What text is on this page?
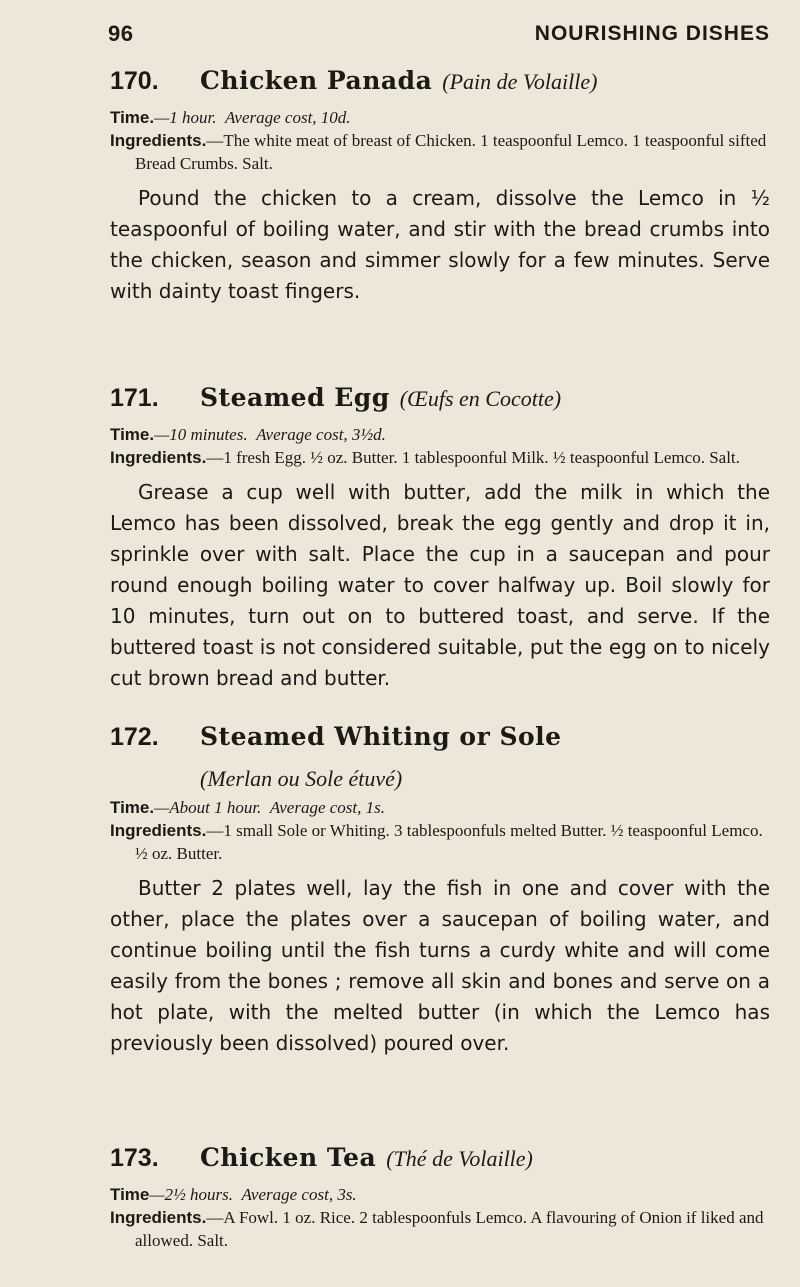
96	NOURISHING DISHES
170.	Chicken Panada (Pain de Volaille)
Time.—1 hour. Average cost, 10d.
Ingredients.—The white meat of breast of Chicken. 1 teaspoonful Lemco. 1 teaspoonful sifted Bread Crumbs. Salt.
Pound the chicken to a cream, dissolve the Lemco in ½ teaspoonful of boiling water, and stir with the bread crumbs into the chicken, season and simmer slowly for a few minutes. Serve with dainty toast fingers.
171.	Steamed Egg (Œufs en Cocotte)
Time.—10 minutes. Average cost, 3½d.
Ingredients.—1 fresh Egg. ½ oz. Butter. 1 tablespoonful Milk. ½ teaspoonful Lemco. Salt.
Grease a cup well with butter, add the milk in which the Lemco has been dissolved, break the egg gently and drop it in, sprinkle over with salt. Place the cup in a saucepan and pour round enough boiling water to cover halfway up. Boil slowly for 10 minutes, turn out on to buttered toast, and serve. If the buttered toast is not considered suitable, put the egg on to nicely cut brown bread and butter.
172.	Steamed Whiting or Sole
(Merlan ou Sole étuvé)
Time.—About 1 hour. Average cost, 1s.
Ingredients.—1 small Sole or Whiting. 3 tablespoonfuls melted Butter. ½ teaspoonful Lemco. ½ oz. Butter.
Butter 2 plates well, lay the fish in one and cover with the other, place the plates over a saucepan of boiling water, and continue boiling until the fish turns a curdy white and will come easily from the bones ; remove all skin and bones and serve on a hot plate, with the melted butter (in which the Lemco has previously been dissolved) poured over.
173.	Chicken Tea (Thé de Volaille)
Time—2½ hours. Average cost, 3s.
Ingredients.—A Fowl. 1 oz. Rice. 2 tablespoonfuls Lemco. A flavouring of Onion if liked and allowed. Salt.
